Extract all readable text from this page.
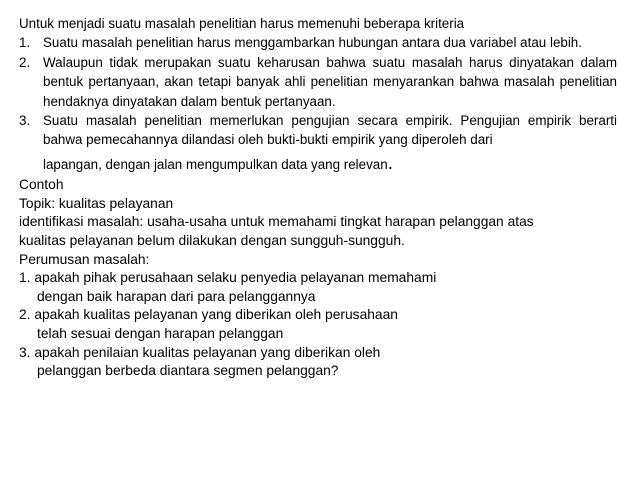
Untuk menjadi suatu masalah penelitian harus memenuhi beberapa kriteria

1. Suatu masalah penelitian harus menggambarkan hubungan antara dua variabel atau lebih.
2. Walaupun tidak merupakan suatu keharusan bahwa suatu masalah harus dinyatakan dalam bentuk pertanyaan, akan tetapi banyak ahli penelitian menyarankan bahwa masalah penelitian hendaknya dinyatakan dalam bentuk pertanyaan.
3. Suatu masalah penelitian memerlukan pengujian secara empirik. Pengujian empirik berarti bahwa pemecahannya dilandasi oleh bukti-bukti empirik yang diperoleh dari
lapangan, dengan jalan mengumpulkan data yang relevan.

Contoh

Topik: kualitas pelayanan

identifikasi masalah: usaha-usaha untuk memahami tingkat harapan pelanggan atas

kualitas pelayanan belum dilakukan dengan sungguh-sungguh.

Perumusan masalah:

1. apakah pihak perusahaan selaku penyedia pelayanan memahami

dengan baik harapan dari para pelanggannya

2. apakah kualitas pelayanan yang diberikan oleh perusahaan

telah sesuai dengan harapan pelanggan

3. apakah penilaian kualitas pelayanan yang diberikan oleh

pelanggan berbeda diantara segmen pelanggan?
